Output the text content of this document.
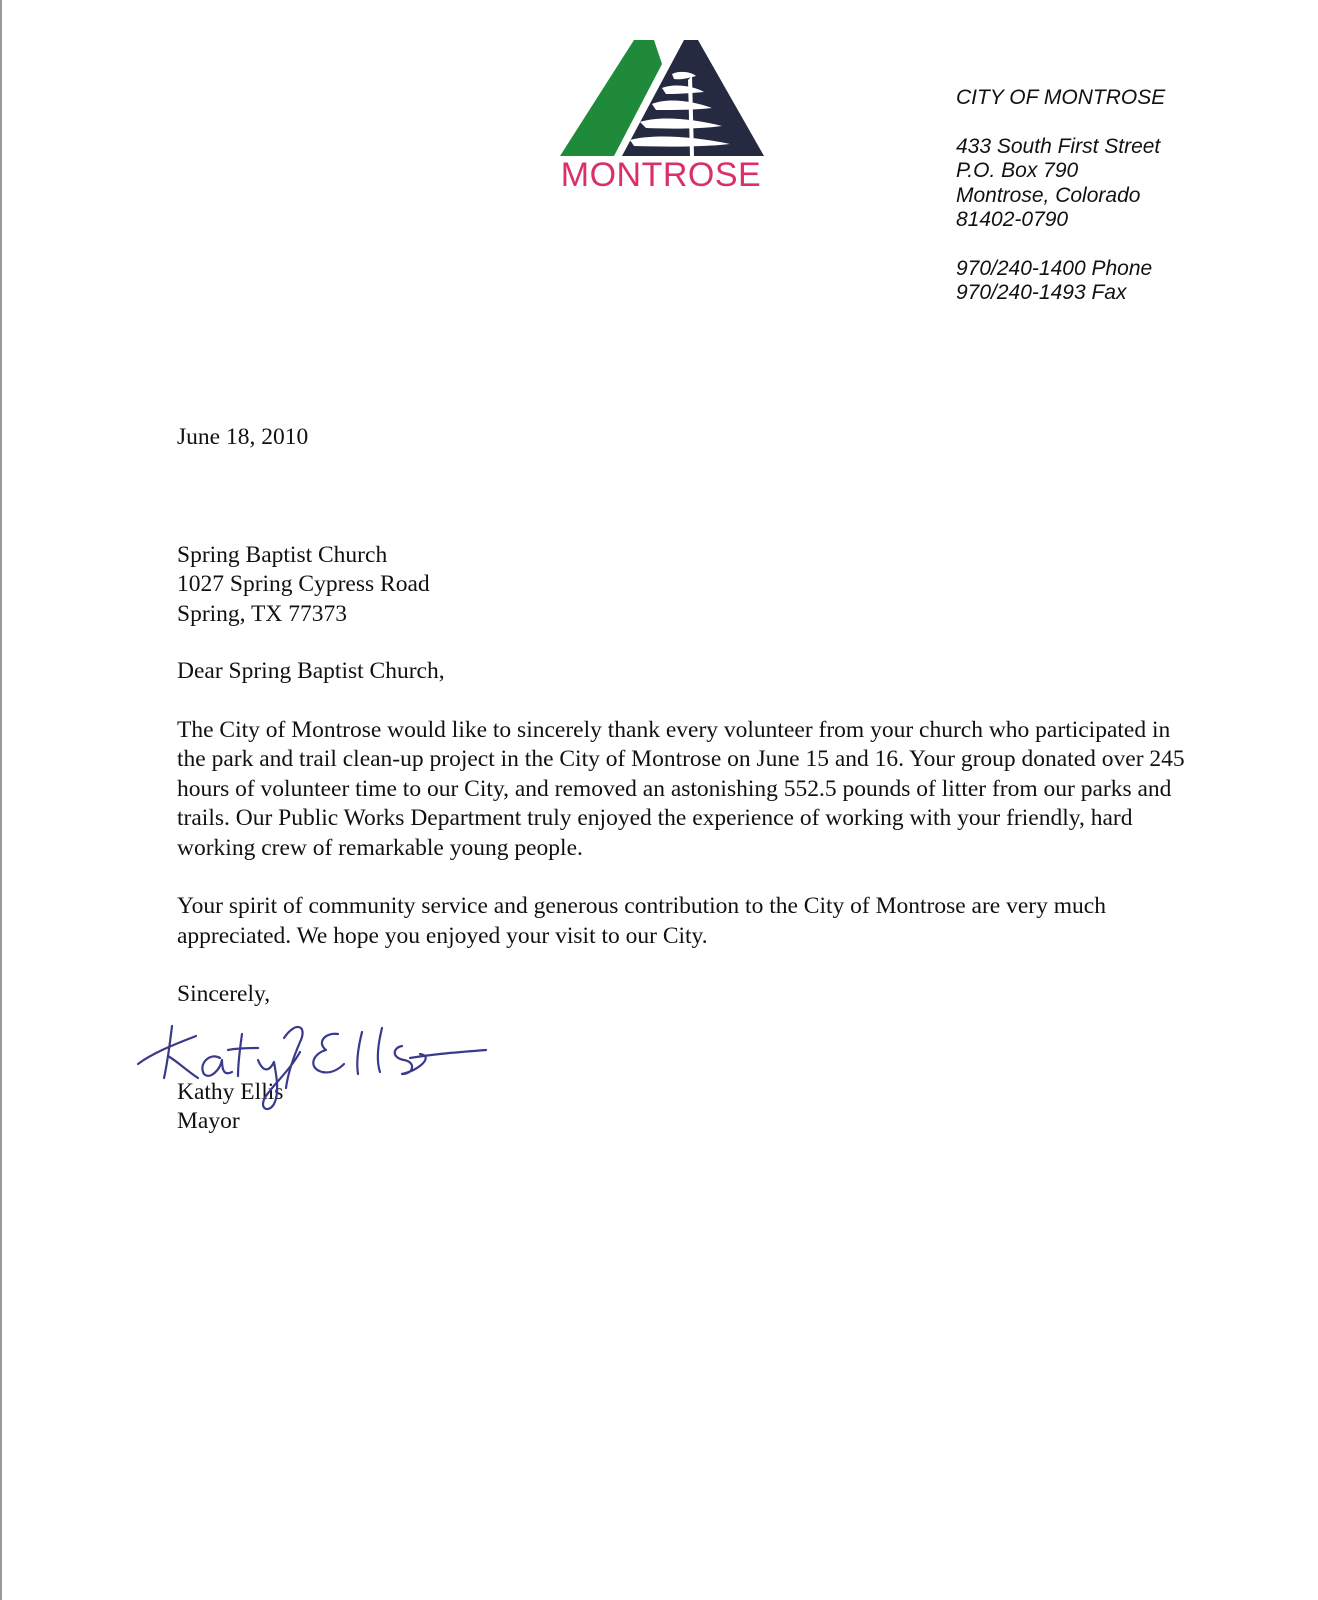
MONTROSE
CITY OF MONTROSE
433 South First Street
P.O. Box 790
Montrose, Colorado
81402-0790
970/240-1400 Phone
970/240-1493 Fax

June 18, 2010

Spring Baptist Church
1027 Spring Cypress Road
Spring, TX 77373

Dear Spring Baptist Church,

The City of Montrose would like to sincerely thank every volunteer from your church who participated in the park and trail clean-up project in the City of Montrose on June 15 and 16. Your group donated over 245 hours of volunteer time to our City, and removed an astonishing 552.5 pounds of litter from our parks and trails. Our Public Works Department truly enjoyed the experience of working with your friendly, hard working crew of remarkable young people.

Your spirit of community service and generous contribution to the City of Montrose are very much appreciated. We hope you enjoyed your visit to our City.

Sincerely,

Kathy Ellis
Mayor
